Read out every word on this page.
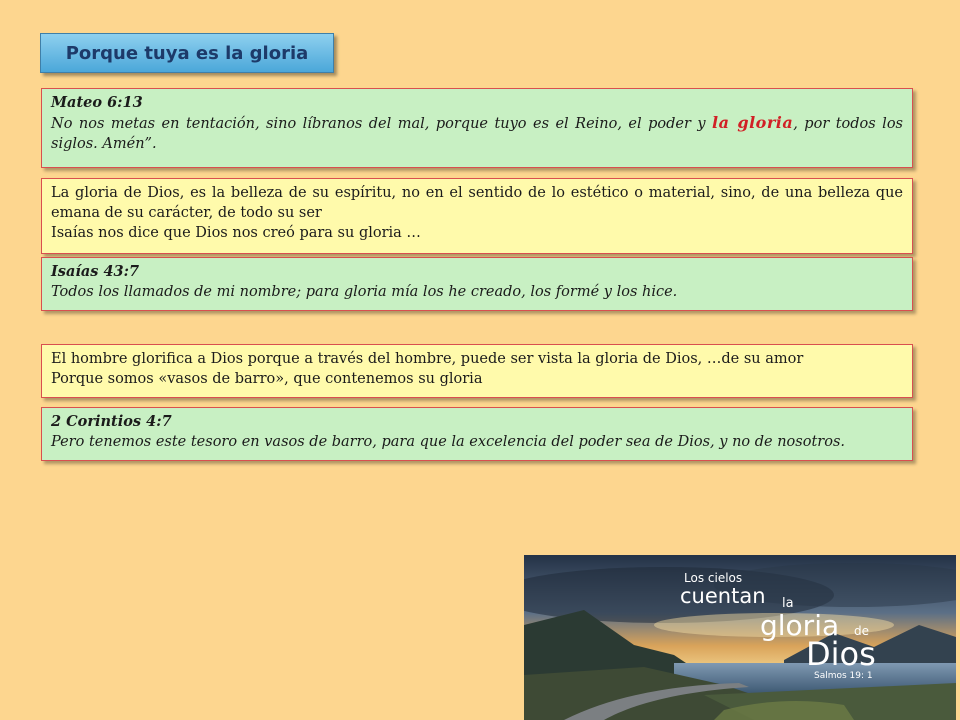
Porque tuya es la gloria
Mateo 6:13
No nos metas en tentación, sino líbranos del mal, porque tuyo es el Reino, el poder y la gloria, por todos los siglos. Amén”.
La gloria de Dios, es la belleza de su espíritu, no en el sentido de lo estético o material, sino, de una belleza que emana de su carácter, de todo su ser
Isaías nos dice que Dios nos creó para su gloria …
Isaías 43:7
Todos los llamados de mi nombre; para gloria mía los he creado, los formé y los hice.
El hombre glorifica a Dios porque a través del hombre, puede ser vista la gloria de Dios, …de su amor
Porque somos «vasos de barro», que contenemos su gloria
2 Corintios 4:7
Pero tenemos este tesoro en vasos de barro, para que la excelencia del poder sea de Dios, y no de nosotros.
Los cielos
cuentan la
gloria de
Dios
Salmos 19: 1
